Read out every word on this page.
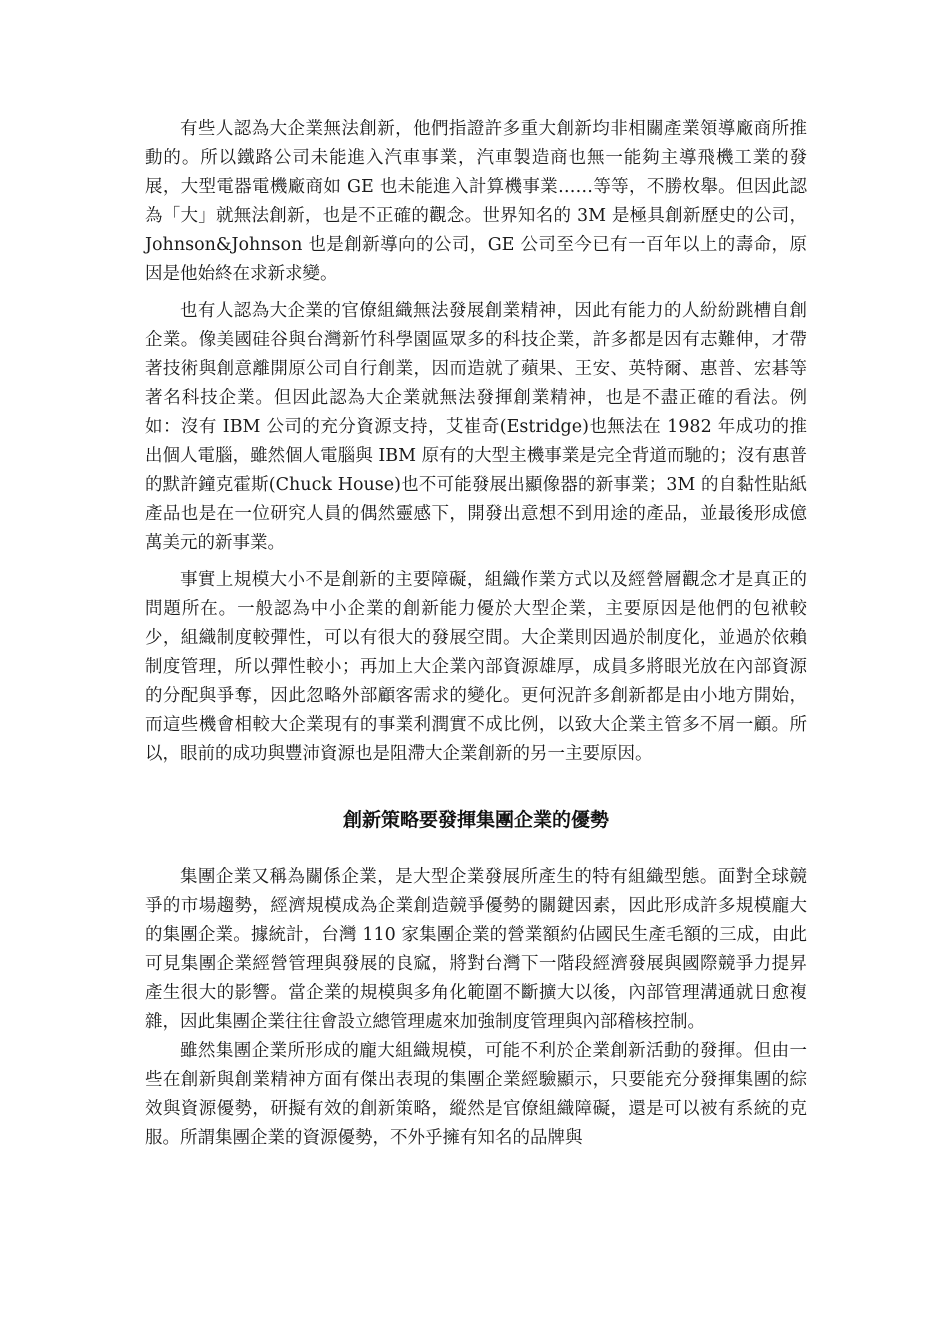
有些人認為大企業無法創新，他們指證許多重大創新均非相關產業領導廠商所推動的。所以鐵路公司未能進入汽車事業，汽車製造商也無一能夠主導飛機工業的發展，大型電器電機廠商如 GE 也未能進入計算機事業……等等，不勝枚舉。但因此認為「大」就無法創新，也是不正確的觀念。世界知名的 3M 是極具創新歷史的公司，Johnson&Johnson 也是創新導向的公司，GE 公司至今已有一百年以上的壽命，原因是他始終在求新求變。

也有人認為大企業的官僚組織無法發展創業精神，因此有能力的人紛紛跳槽自創企業。像美國硅谷與台灣新竹科學園區眾多的科技企業，許多都是因有志難伸，才帶著技術與創意離開原公司自行創業，因而造就了蘋果、王安、英特爾、惠普、宏碁等著名科技企業。但因此認為大企業就無法發揮創業精神，也是不盡正確的看法。例如：沒有 IBM 公司的充分資源支持，艾崔奇(Estridge)也無法在 1982 年成功的推出個人電腦，雖然個人電腦與 IBM 原有的大型主機事業是完全背道而馳的；沒有惠普的默許鐘克霍斯(Chuck House)也不可能發展出顯像器的新事業；3M 的自黏性貼紙產品也是在一位研究人員的偶然靈感下，開發出意想不到用途的產品，並最後形成億萬美元的新事業。

事實上規模大小不是創新的主要障礙，組織作業方式以及經營層觀念才是真正的問題所在。一般認為中小企業的創新能力優於大型企業，主要原因是他們的包袱較少，組織制度較彈性，可以有很大的發展空間。大企業則因過於制度化，並過於依賴制度管理，所以彈性較小；再加上大企業內部資源雄厚，成員多將眼光放在內部資源的分配與爭奪，因此忽略外部顧客需求的變化。更何況許多創新都是由小地方開始，而這些機會相較大企業現有的事業利潤實不成比例，以致大企業主管多不屑一顧。所以，眼前的成功與豐沛資源也是阻滯大企業創新的另一主要原因。

創新策略要發揮集團企業的優勢

集團企業又稱為關係企業，是大型企業發展所產生的特有組織型態。面對全球競爭的市場趨勢，經濟規模成為企業創造競爭優勢的關鍵因素，因此形成許多規模龐大的集團企業。據統計，台灣 110 家集團企業的營業額約佔國民生產毛額的三成，由此可見集團企業經營管理與發展的良窳，將對台灣下一階段經濟發展與國際競爭力提昇產生很大的影響。當企業的規模與多角化範圍不斷擴大以後，內部管理溝通就日愈複雜，因此集團企業往往會設立總管理處來加強制度管理與內部稽核控制。

雖然集團企業所形成的龐大組織規模，可能不利於企業創新活動的發揮。但由一些在創新與創業精神方面有傑出表現的集團企業經驗顯示，只要能充分發揮集團的綜效與資源優勢，研擬有效的創新策略，縱然是官僚組織障礙，還是可以被有系統的克服。所謂集團企業的資源優勢，不外乎擁有知名的品牌與
